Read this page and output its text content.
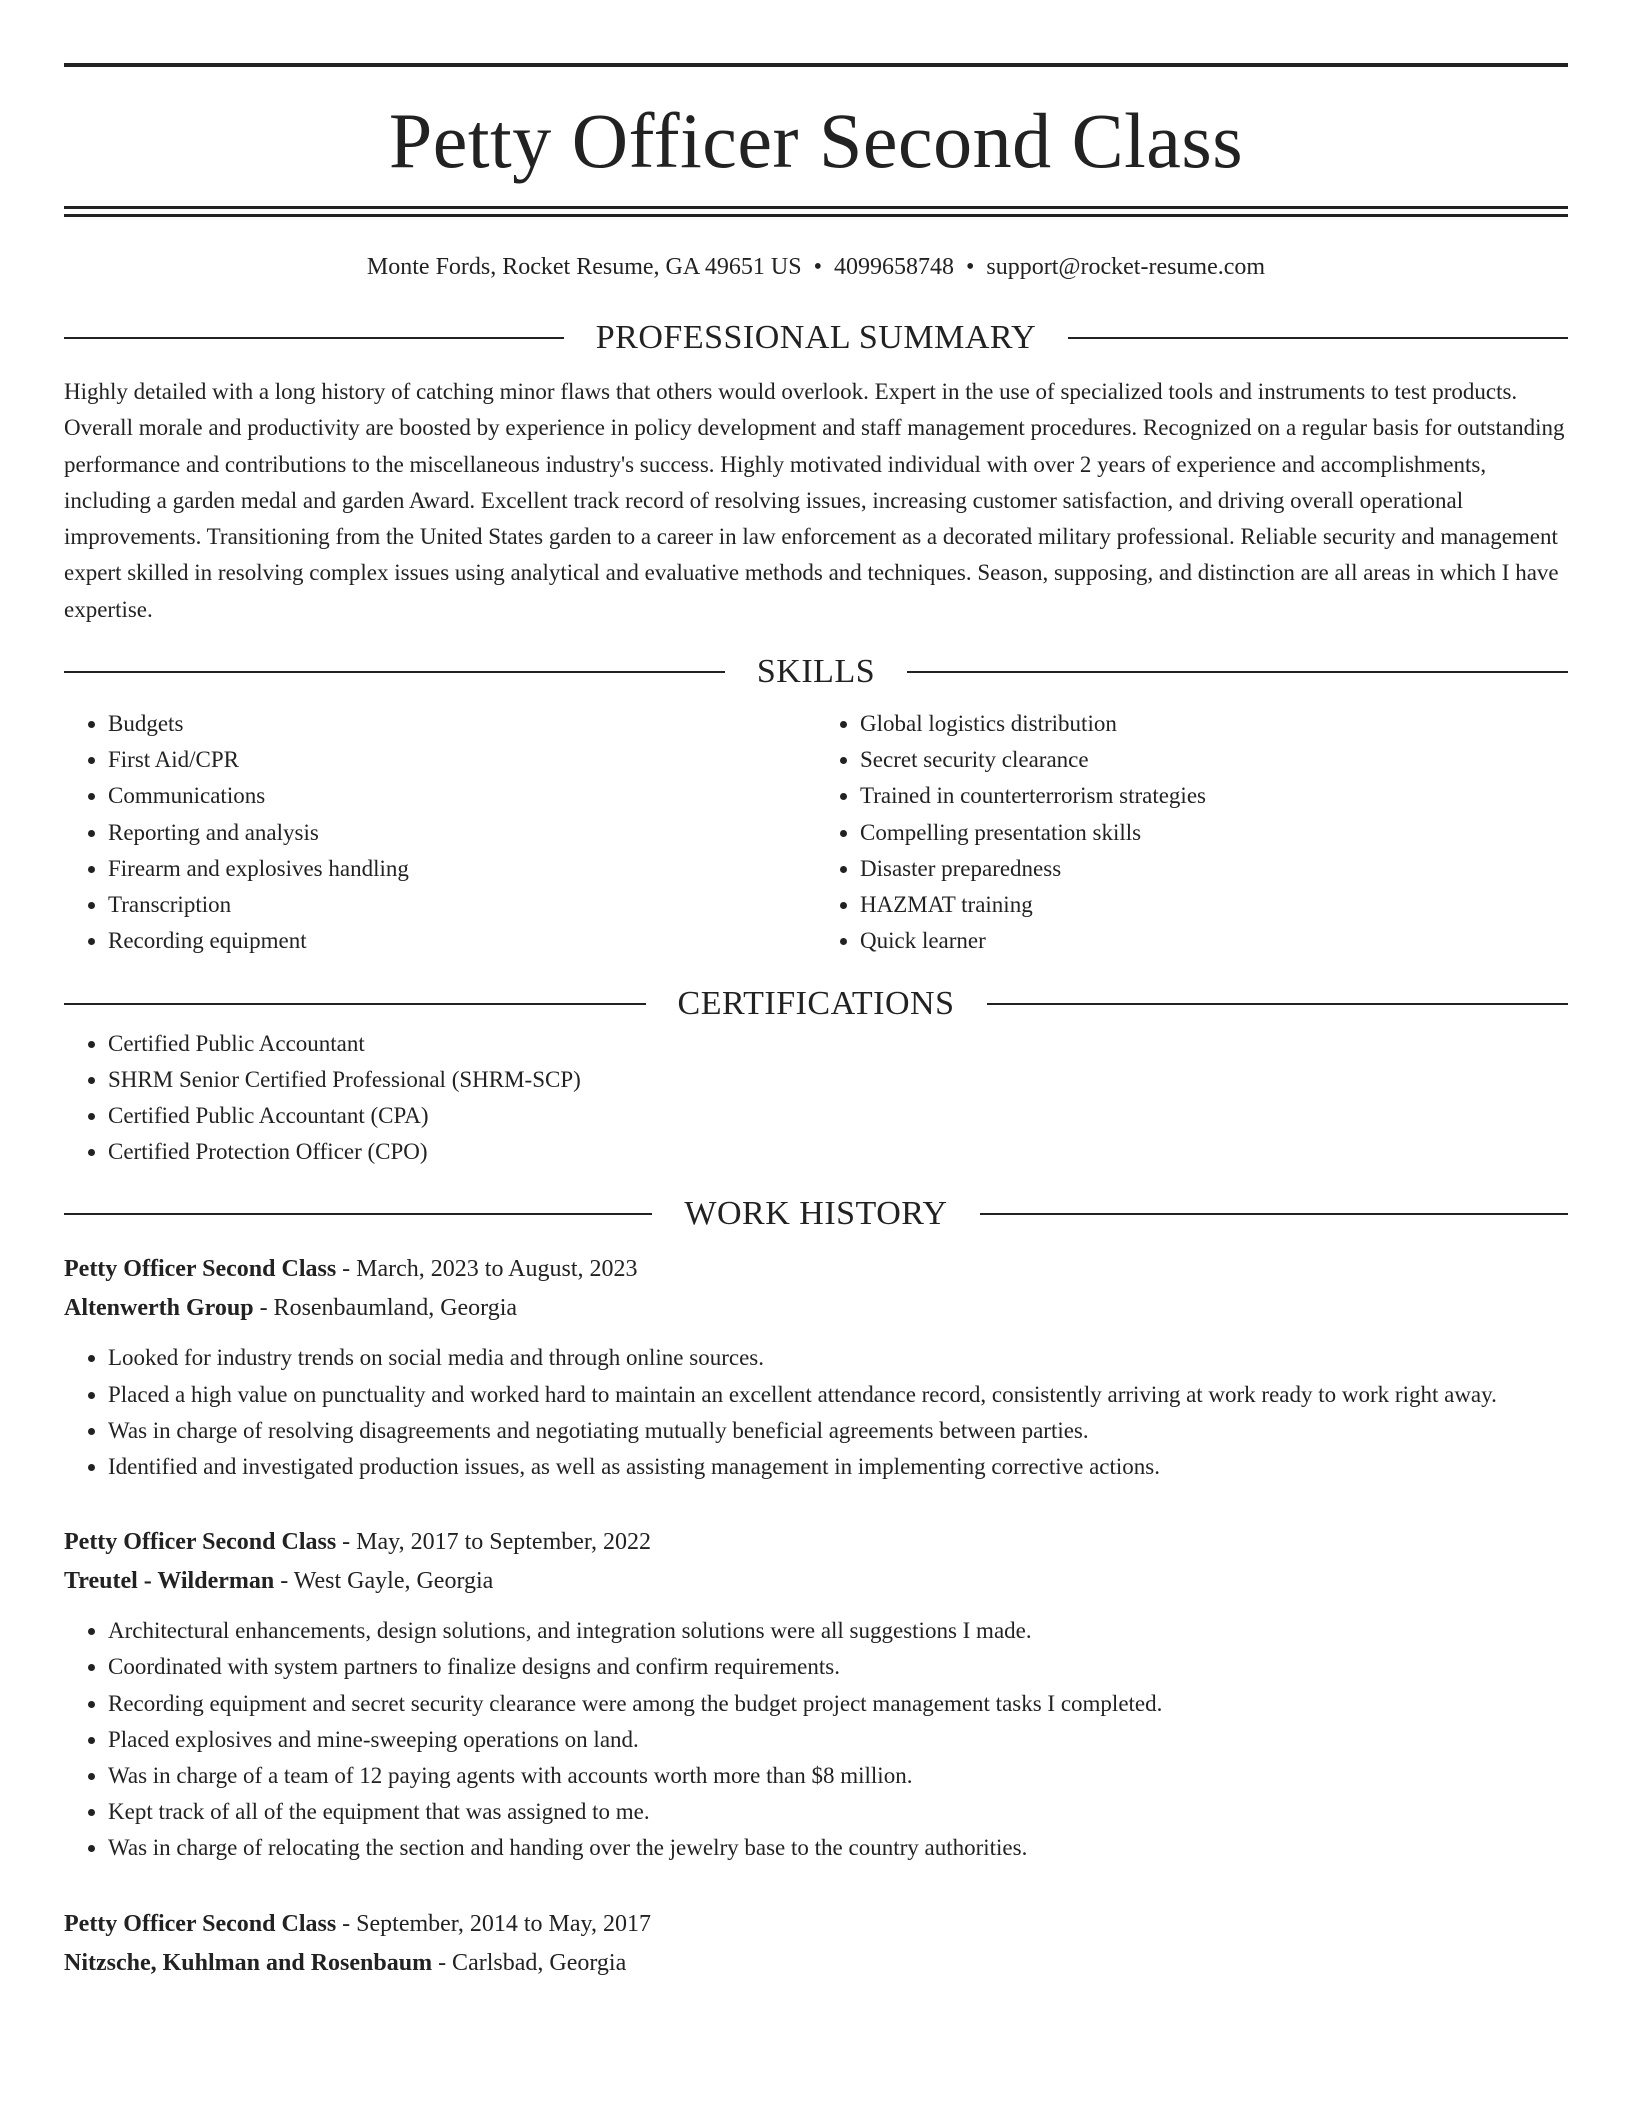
Petty Officer Second Class
Monte Fords, Rocket Resume, GA 49651 US • 4099658748 • support@rocket-resume.com
PROFESSIONAL SUMMARY

Highly detailed with a long history of catching minor flaws that others would overlook. Expert in the use of specialized tools and instruments to test products. Overall morale and productivity are boosted by experience in policy development and staff management procedures. Recognized on a regular basis for outstanding performance and contributions to the miscellaneous industry's success. Highly motivated individual with over 2 years of experience and accomplishments, including a garden medal and garden Award. Excellent track record of resolving issues, increasing customer satisfaction, and driving overall operational improvements. Transitioning from the United States garden to a career in law enforcement as a decorated military professional. Reliable security and management expert skilled in resolving complex issues using analytical and evaluative methods and techniques. Season, supposing, and distinction are all areas in which I have expertise.

SKILLS
• Budgets
• First Aid/CPR
• Communications
• Reporting and analysis
• Firearm and explosives handling
• Transcription
• Recording equipment
• Global logistics distribution
• Secret security clearance
• Trained in counterterrorism strategies
• Compelling presentation skills
• Disaster preparedness
• HAZMAT training
• Quick learner
CERTIFICATIONS
• Certified Public Accountant
• SHRM Senior Certified Professional (SHRM-SCP)
• Certified Public Accountant (CPA)
• Certified Protection Officer (CPO)
WORK HISTORY
Petty Officer Second Class - March, 2023 to August, 2023
Altenwerth Group - Rosenbaumland, Georgia
• Looked for industry trends on social media and through online sources.
• Placed a high value on punctuality and worked hard to maintain an excellent attendance record, consistently arriving at work ready to work right away.
• Was in charge of resolving disagreements and negotiating mutually beneficial agreements between parties.
• Identified and investigated production issues, as well as assisting management in implementing corrective actions.
Petty Officer Second Class - May, 2017 to September, 2022
Treutel - Wilderman - West Gayle, Georgia
• Architectural enhancements, design solutions, and integration solutions were all suggestions I made.
• Coordinated with system partners to finalize designs and confirm requirements.
• Recording equipment and secret security clearance were among the budget project management tasks I completed.
• Placed explosives and mine-sweeping operations on land.
• Was in charge of a team of 12 paying agents with accounts worth more than $8 million.
• Kept track of all of the equipment that was assigned to me.
• Was in charge of relocating the section and handing over the jewelry base to the country authorities.
Petty Officer Second Class - September, 2014 to May, 2017
Nitzsche, Kuhlman and Rosenbaum - Carlsbad, Georgia
